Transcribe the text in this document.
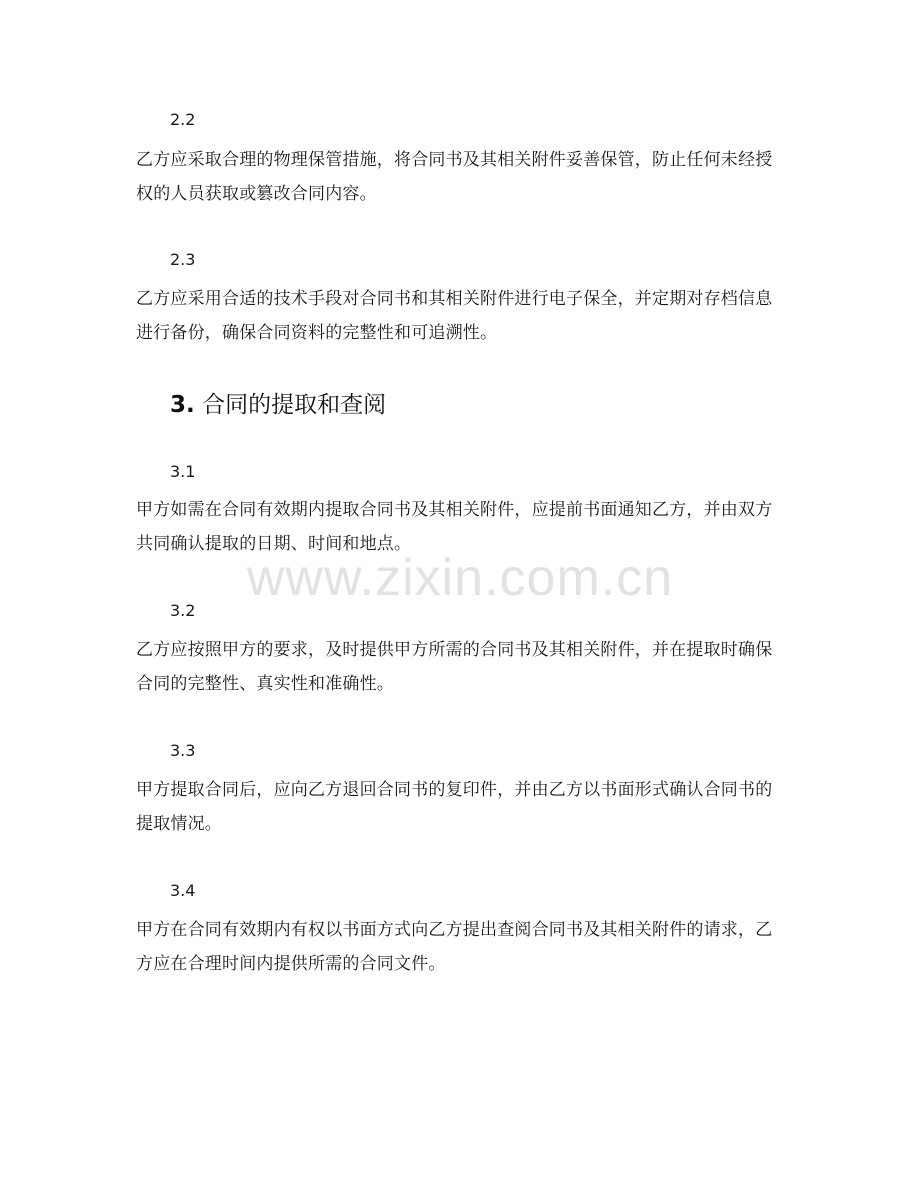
2.2
乙方应采取合理的物理保管措施，将合同书及其相关附件妥善保管，防止任何未经授权的人员获取或篡改合同内容。
2.3
乙方应采用合适的技术手段对合同书和其相关附件进行电子保全，并定期对存档信息进行备份，确保合同资料的完整性和可追溯性。
3. 合同的提取和查阅
3.1
甲方如需在合同有效期内提取合同书及其相关附件，应提前书面通知乙方，并由双方共同确认提取的日期、时间和地点。
3.2
乙方应按照甲方的要求，及时提供甲方所需的合同书及其相关附件，并在提取时确保合同的完整性、真实性和准确性。
3.3
甲方提取合同后，应向乙方退回合同书的复印件，并由乙方以书面形式确认合同书的提取情况。
3.4
甲方在合同有效期内有权以书面方式向乙方提出查阅合同书及其相关附件的请求，乙方应在合理时间内提供所需的合同文件。
www.zixin.com.cn
